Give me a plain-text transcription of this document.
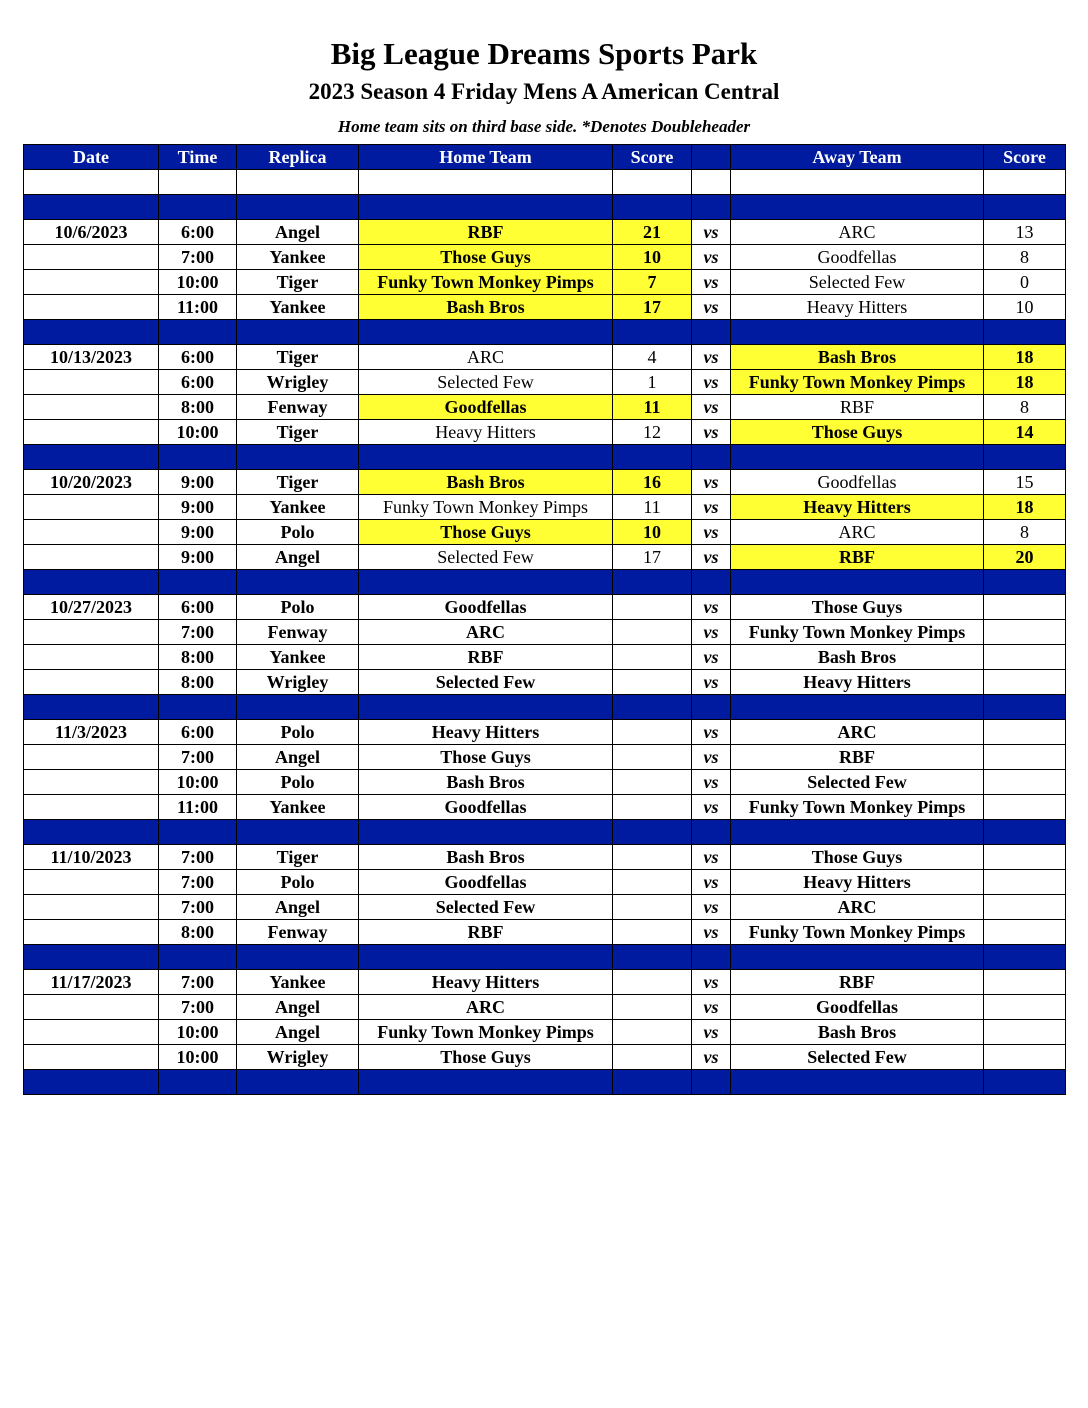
Big League Dreams Sports Park
2023 Season 4 Friday Mens A American Central
Home team sits on third base side. *Denotes Doubleheader
Date	Time	Replica	Home Team	Score		Away Team	Score

10/6/2023	6:00	Angel	RBF	21	vs	ARC	13
	7:00	Yankee	Those Guys	10	vs	Goodfellas	8
	10:00	Tiger	Funky Town Monkey Pimps	7	vs	Selected Few	0
	11:00	Yankee	Bash Bros	17	vs	Heavy Hitters	10

10/13/2023	6:00	Tiger	ARC	4	vs	Bash Bros	18
	6:00	Wrigley	Selected Few	1	vs	Funky Town Monkey Pimps	18
	8:00	Fenway	Goodfellas	11	vs	RBF	8
	10:00	Tiger	Heavy Hitters	12	vs	Those Guys	14

10/20/2023	9:00	Tiger	Bash Bros	16	vs	Goodfellas	15
	9:00	Yankee	Funky Town Monkey Pimps	11	vs	Heavy Hitters	18
	9:00	Polo	Those Guys	10	vs	ARC	8
	9:00	Angel	Selected Few	17	vs	RBF	20

10/27/2023	6:00	Polo	Goodfellas		vs	Those Guys	
	7:00	Fenway	ARC		vs	Funky Town Monkey Pimps	
	8:00	Yankee	RBF		vs	Bash Bros	
	8:00	Wrigley	Selected Few		vs	Heavy Hitters	

11/3/2023	6:00	Polo	Heavy Hitters		vs	ARC	
	7:00	Angel	Those Guys		vs	RBF	
	10:00	Polo	Bash Bros		vs	Selected Few	
	11:00	Yankee	Goodfellas		vs	Funky Town Monkey Pimps	

11/10/2023	7:00	Tiger	Bash Bros		vs	Those Guys	
	7:00	Polo	Goodfellas		vs	Heavy Hitters	
	7:00	Angel	Selected Few		vs	ARC	
	8:00	Fenway	RBF		vs	Funky Town Monkey Pimps	

11/17/2023	7:00	Yankee	Heavy Hitters		vs	RBF	
	7:00	Angel	ARC		vs	Goodfellas	
	10:00	Angel	Funky Town Monkey Pimps		vs	Bash Bros	
	10:00	Wrigley	Those Guys		vs	Selected Few	
